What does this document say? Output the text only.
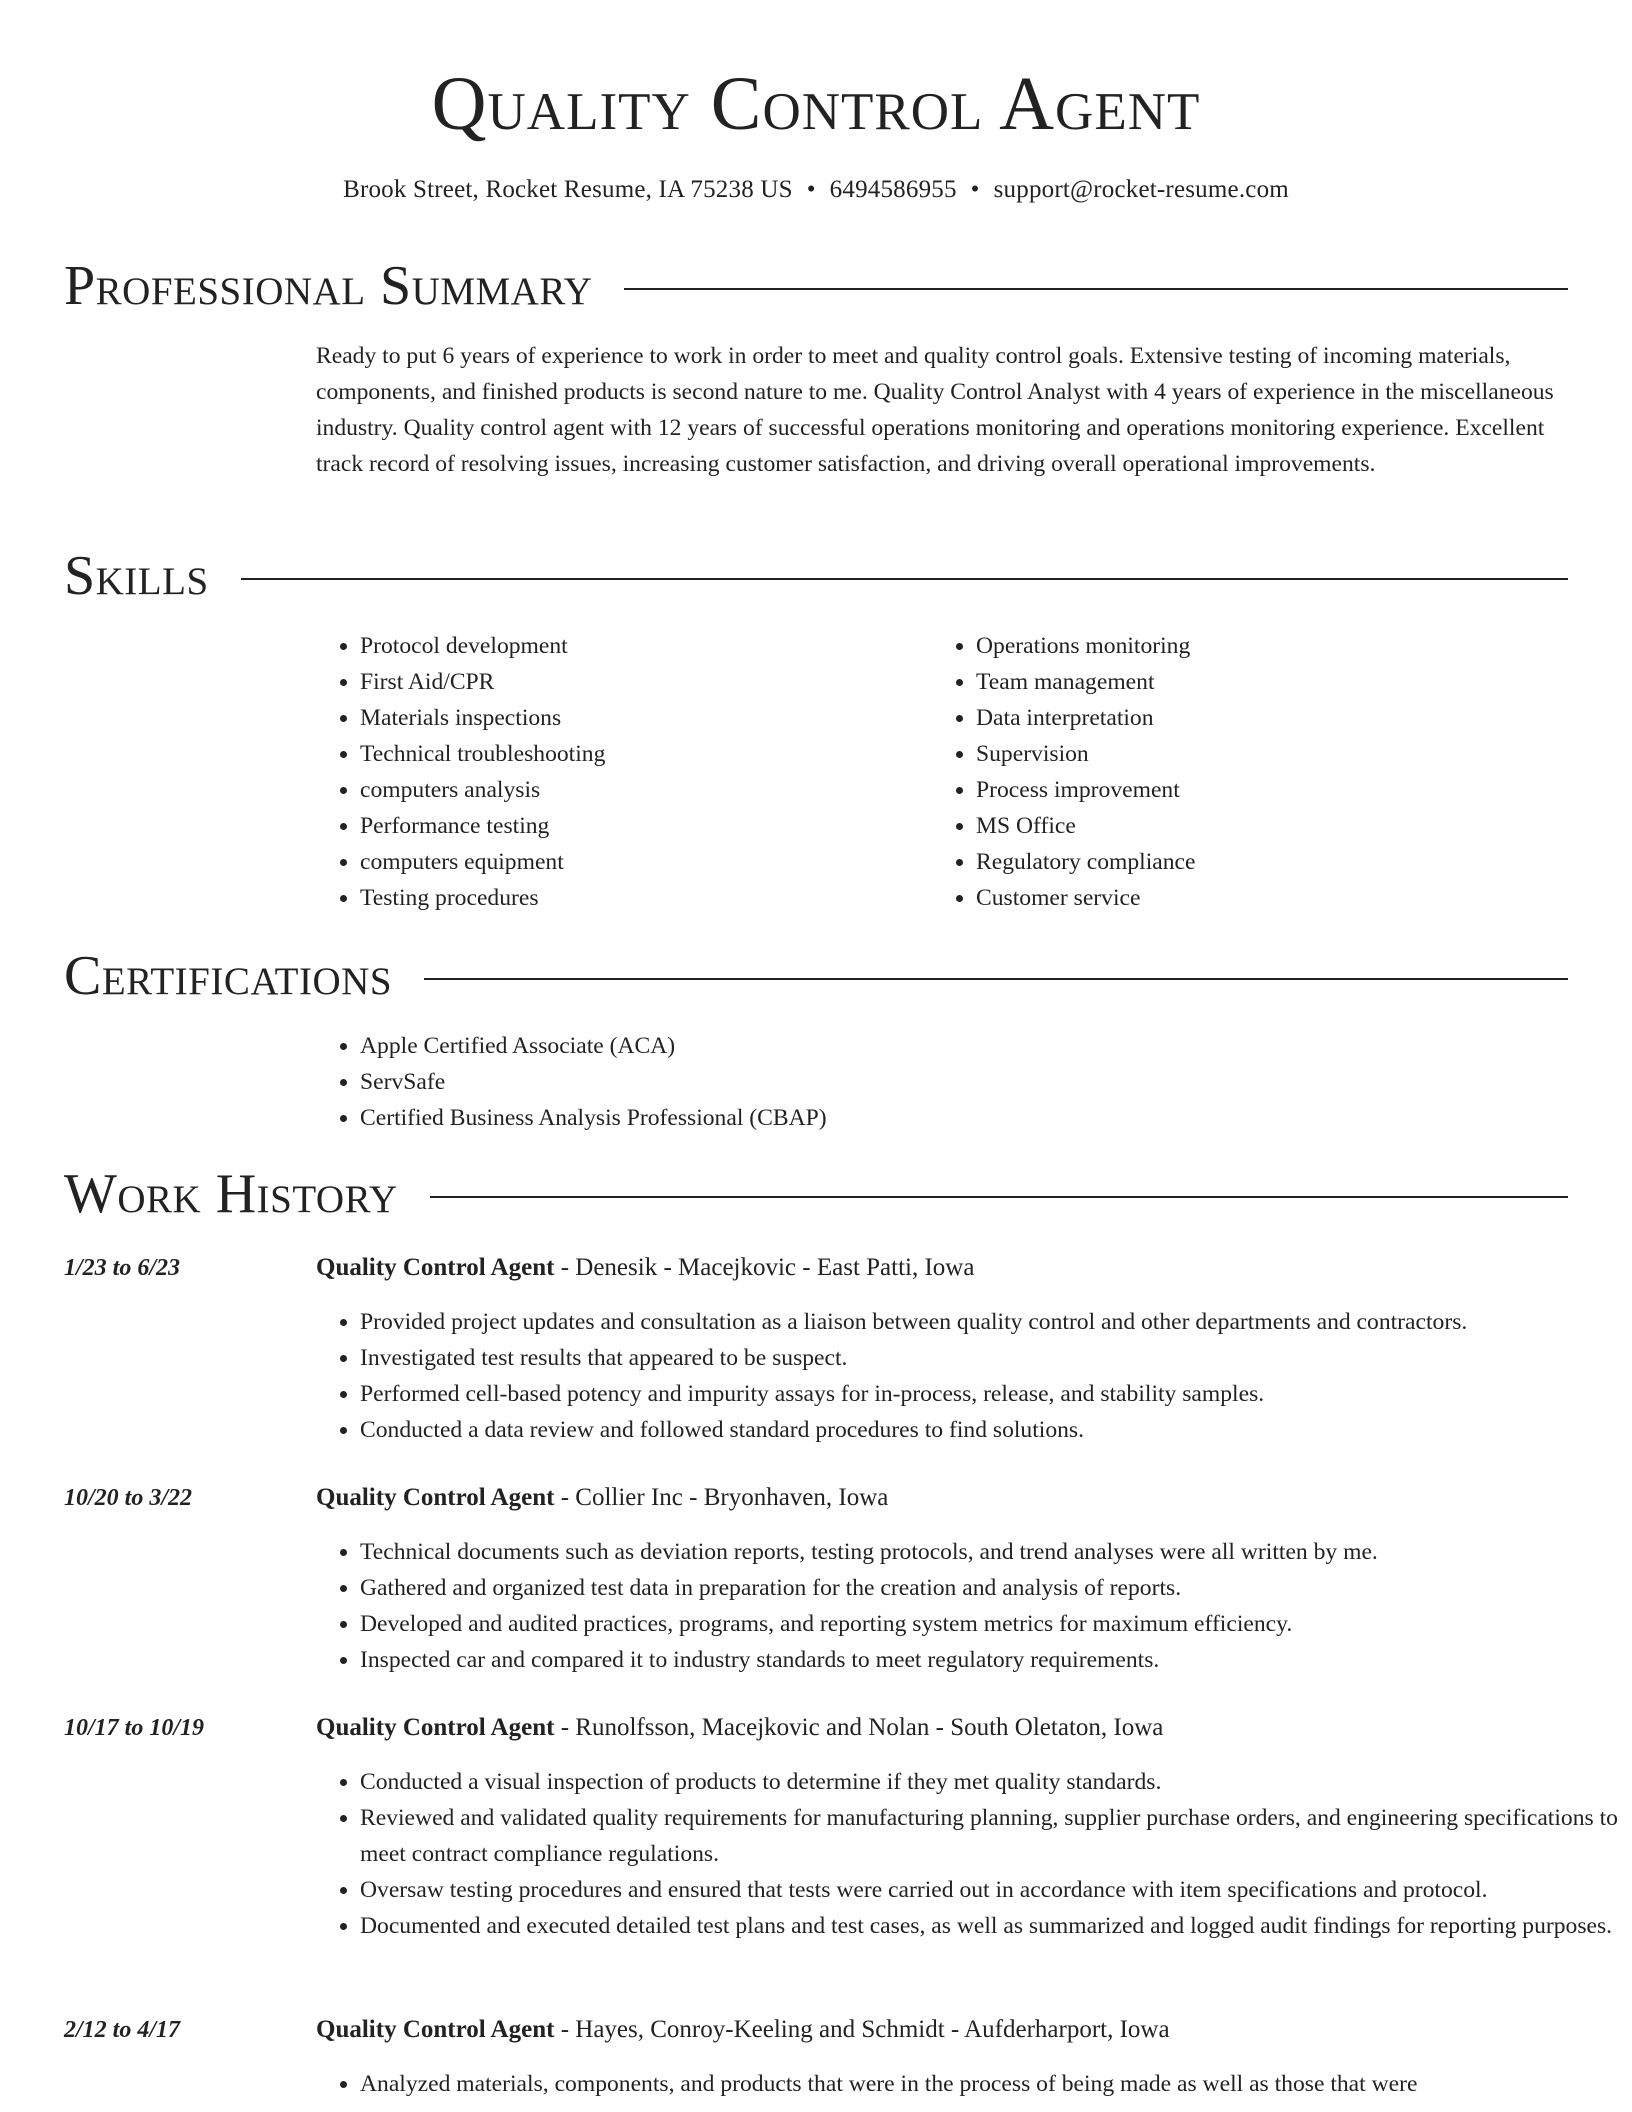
Quality Control Agent
Brook Street, Rocket Resume, IA 75238 US • 6494586955 • support@rocket-resume.com
Professional Summary

Ready to put 6 years of experience to work in order to meet and quality control goals. Extensive testing of incoming materials, components, and finished products is second nature to me. Quality Control Analyst with 4 years of experience in the miscellaneous industry. Quality control agent with 12 years of successful operations monitoring and operations monitoring experience. Excellent track record of resolving issues, increasing customer satisfaction, and driving overall operational improvements.

Skills
• Protocol development
• First Aid/CPR
• Materials inspections
• Technical troubleshooting
• computers analysis
• Performance testing
• computers equipment
• Testing procedures
• Operations monitoring
• Team management
• Data interpretation
• Supervision
• Process improvement
• MS Office
• Regulatory compliance
• Customer service
Certifications
• Apple Certified Associate (ACA)
• ServSafe
• Certified Business Analysis Professional (CBAP)
Work History
1/23 to 6/23	Quality Control Agent - Denesik - Macejkovic - East Patti, Iowa
• Provided project updates and consultation as a liaison between quality control and other departments and contractors.
• Investigated test results that appeared to be suspect.
• Performed cell-based potency and impurity assays for in-process, release, and stability samples.
• Conducted a data review and followed standard procedures to find solutions.
10/20 to 3/22	Quality Control Agent - Collier Inc - Bryonhaven, Iowa
• Technical documents such as deviation reports, testing protocols, and trend analyses were all written by me.
• Gathered and organized test data in preparation for the creation and analysis of reports.
• Developed and audited practices, programs, and reporting system metrics for maximum efficiency.
• Inspected car and compared it to industry standards to meet regulatory requirements.
10/17 to 10/19	Quality Control Agent - Runolfsson, Macejkovic and Nolan - South Oletaton, Iowa
• Conducted a visual inspection of products to determine if they met quality standards.
• Reviewed and validated quality requirements for manufacturing planning, supplier purchase orders, and engineering specifications to meet contract compliance regulations.
• Oversaw testing procedures and ensured that tests were carried out in accordance with item specifications and protocol.
• Documented and executed detailed test plans and test cases, as well as summarized and logged audit findings for reporting purposes.
2/12 to 4/17	Quality Control Agent - Hayes, Conroy-Keeling and Schmidt - Aufderharport, Iowa
• Analyzed materials, components, and products that were in the process of being made as well as those that were
